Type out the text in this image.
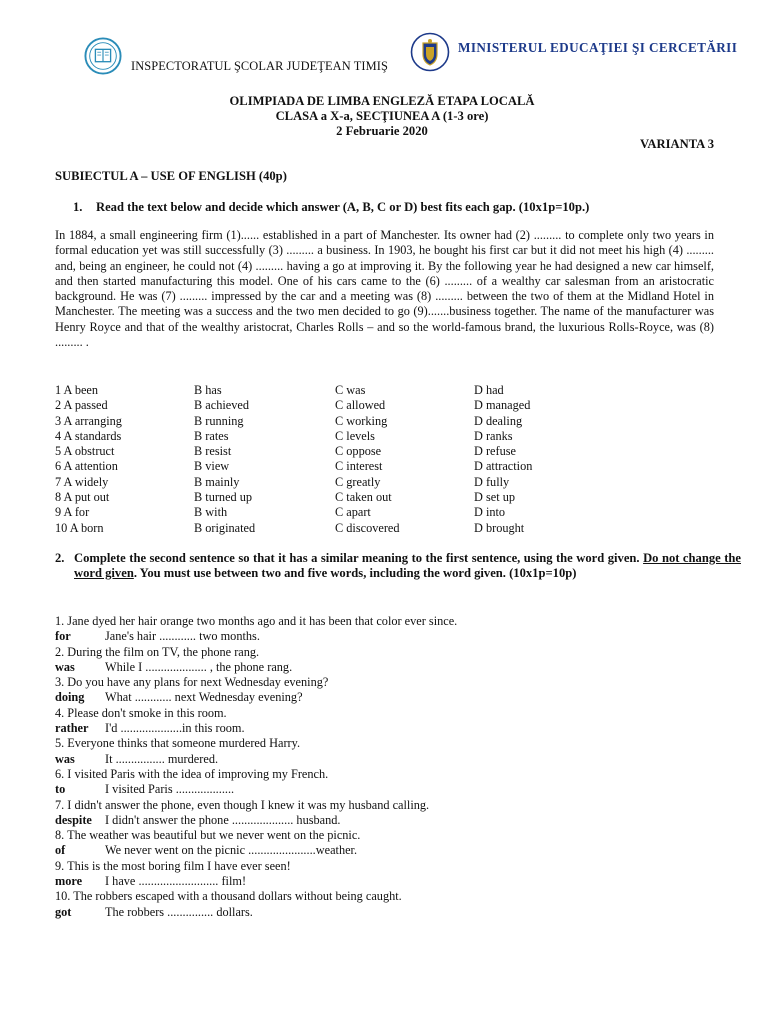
INSPECTORATUL ŞCOLAR JUDEŢEAN TIMIŞ
MINISTERUL EDUCAŢIEI ŞI CERCETĂRII
OLIMPIADA DE LIMBA ENGLEZĂ ETAPA LOCALĂ
CLASA a X-a, SECŢIUNEA A (1-3 ore)
2 Februarie 2020
VARIANTA 3
SUBIECTUL A – USE OF ENGLISH (40p)
1. Read the text below and decide which answer (A, B, C or D) best fits each gap. (10x1p=10p.)
In 1884, a small engineering firm (1)...... established in a part of Manchester. Its owner had (2) ......... to complete only two years in formal education yet was still successfully (3) ......... a business. In 1903, he bought his first car but it did not meet his high (4) ......... and, being an engineer, he could not (4) ......... having a go at improving it. By the following year he had designed a new car himself, and then started manufacturing this model. One of his cars came to the (6) ......... of a wealthy car salesman from an aristocratic background. He was (7) ......... impressed by the car and a meeting was (8) ......... between the two of them at the Midland Hotel in Manchester. The meeting was a success and the two men decided to go (9).......business together. The name of the manufacturer was Henry Royce and that of the wealthy aristocrat, Charles Rolls – and so the world-famous brand, the luxurious Rolls-Royce, was (8) ......... .
1 A been	B has	C was	D had
2 A passed	B achieved	C allowed	D managed
3 A arranging	B running	C working	D dealing
4 A standards	B rates	C levels	D ranks
5 A obstruct	B resist	C oppose	D refuse
6 A attention	B view	C interest	D attraction
7 A widely	B mainly	C greatly	D fully
8 A put out	B turned up	C taken out	D set up
9 A for	B with	C apart	D into
10 A born	B originated	C discovered	D brought
2. Complete the second sentence so that it has a similar meaning to the first sentence, using the word given. Do not change the word given. You must use between two and five words, including the word given. (10x1p=10p)
1. Jane dyed her hair orange two months ago and it has been that color ever since.
for	Jane's hair ............ two months.
2. During the film on TV, the phone rang.
was While I .................... , the phone rang.
3. Do you have any plans for next Wednesday evening?
doing What ............ next Wednesday evening?
4. Please don't smoke in this room.
rather I'd ....................in this room.
5. Everyone thinks that someone murdered Harry.
was It ................ murdered.
6. I visited Paris with the idea of improving my French.
to	I visited Paris ...................
7. I didn't answer the phone, even though I knew it was my husband calling.
despite I didn't answer the phone .................... husband.
8. The weather was beautiful but we never went on the picnic.
of	We never went on the picnic ......................weather.
9. This is the most boring film I have ever seen!
more I have .......................... film!
10. The robbers escaped with a thousand dollars without being caught.
got	The robbers ............... dollars.
